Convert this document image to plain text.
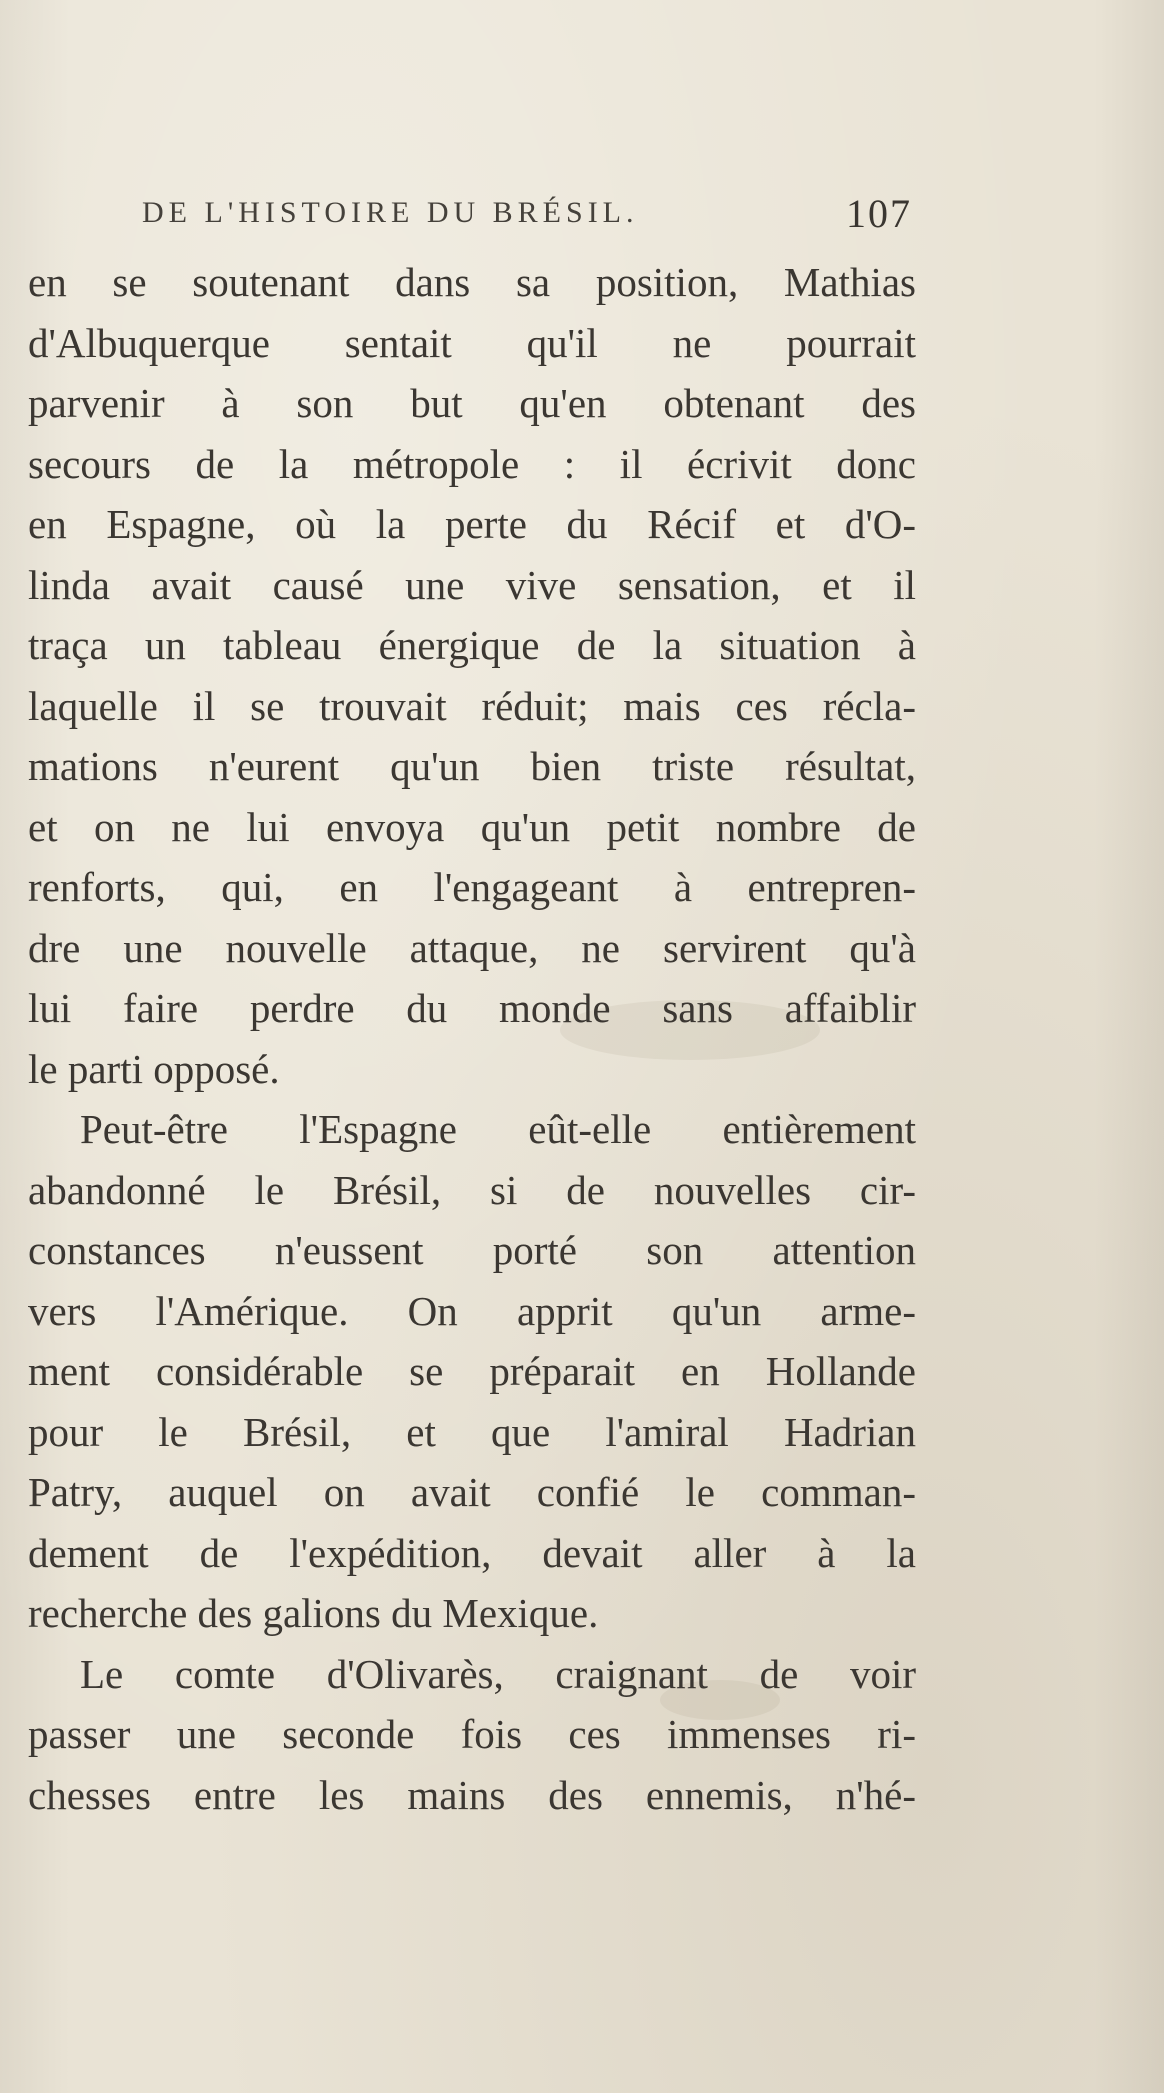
DE L'HISTOIRE DU BRÉSIL.	107
en se soutenant dans sa position, Mathias
d'Albuquerque sentait qu'il ne pourrait
parvenir à son but qu'en obtenant des
secours de la métropole : il écrivit donc
en Espagne, où la perte du Récif et d'O-
linda avait causé une vive sensation, et il
traça un tableau énergique de la situation à
laquelle il se trouvait réduit; mais ces récla-
mations n'eurent qu'un bien triste résultat,
et on ne lui envoya qu'un petit nombre de
renforts, qui, en l'engageant à entrepren-
dre une nouvelle attaque, ne servirent qu'à
lui faire perdre du monde sans affaiblir
le parti opposé.
Peut-être l'Espagne eût-elle entièrement
abandonné le Brésil, si de nouvelles cir-
constances n'eussent porté son attention
vers l'Amérique. On apprit qu'un arme-
ment considérable se préparait en Hollande
pour le Brésil, et que l'amiral Hadrian
Patry, auquel on avait confié le comman-
dement de l'expédition, devait aller à la
recherche des galions du Mexique.
Le comte d'Olivarès, craignant de voir
passer une seconde fois ces immenses ri-
chesses entre les mains des ennemis, n'hé-
